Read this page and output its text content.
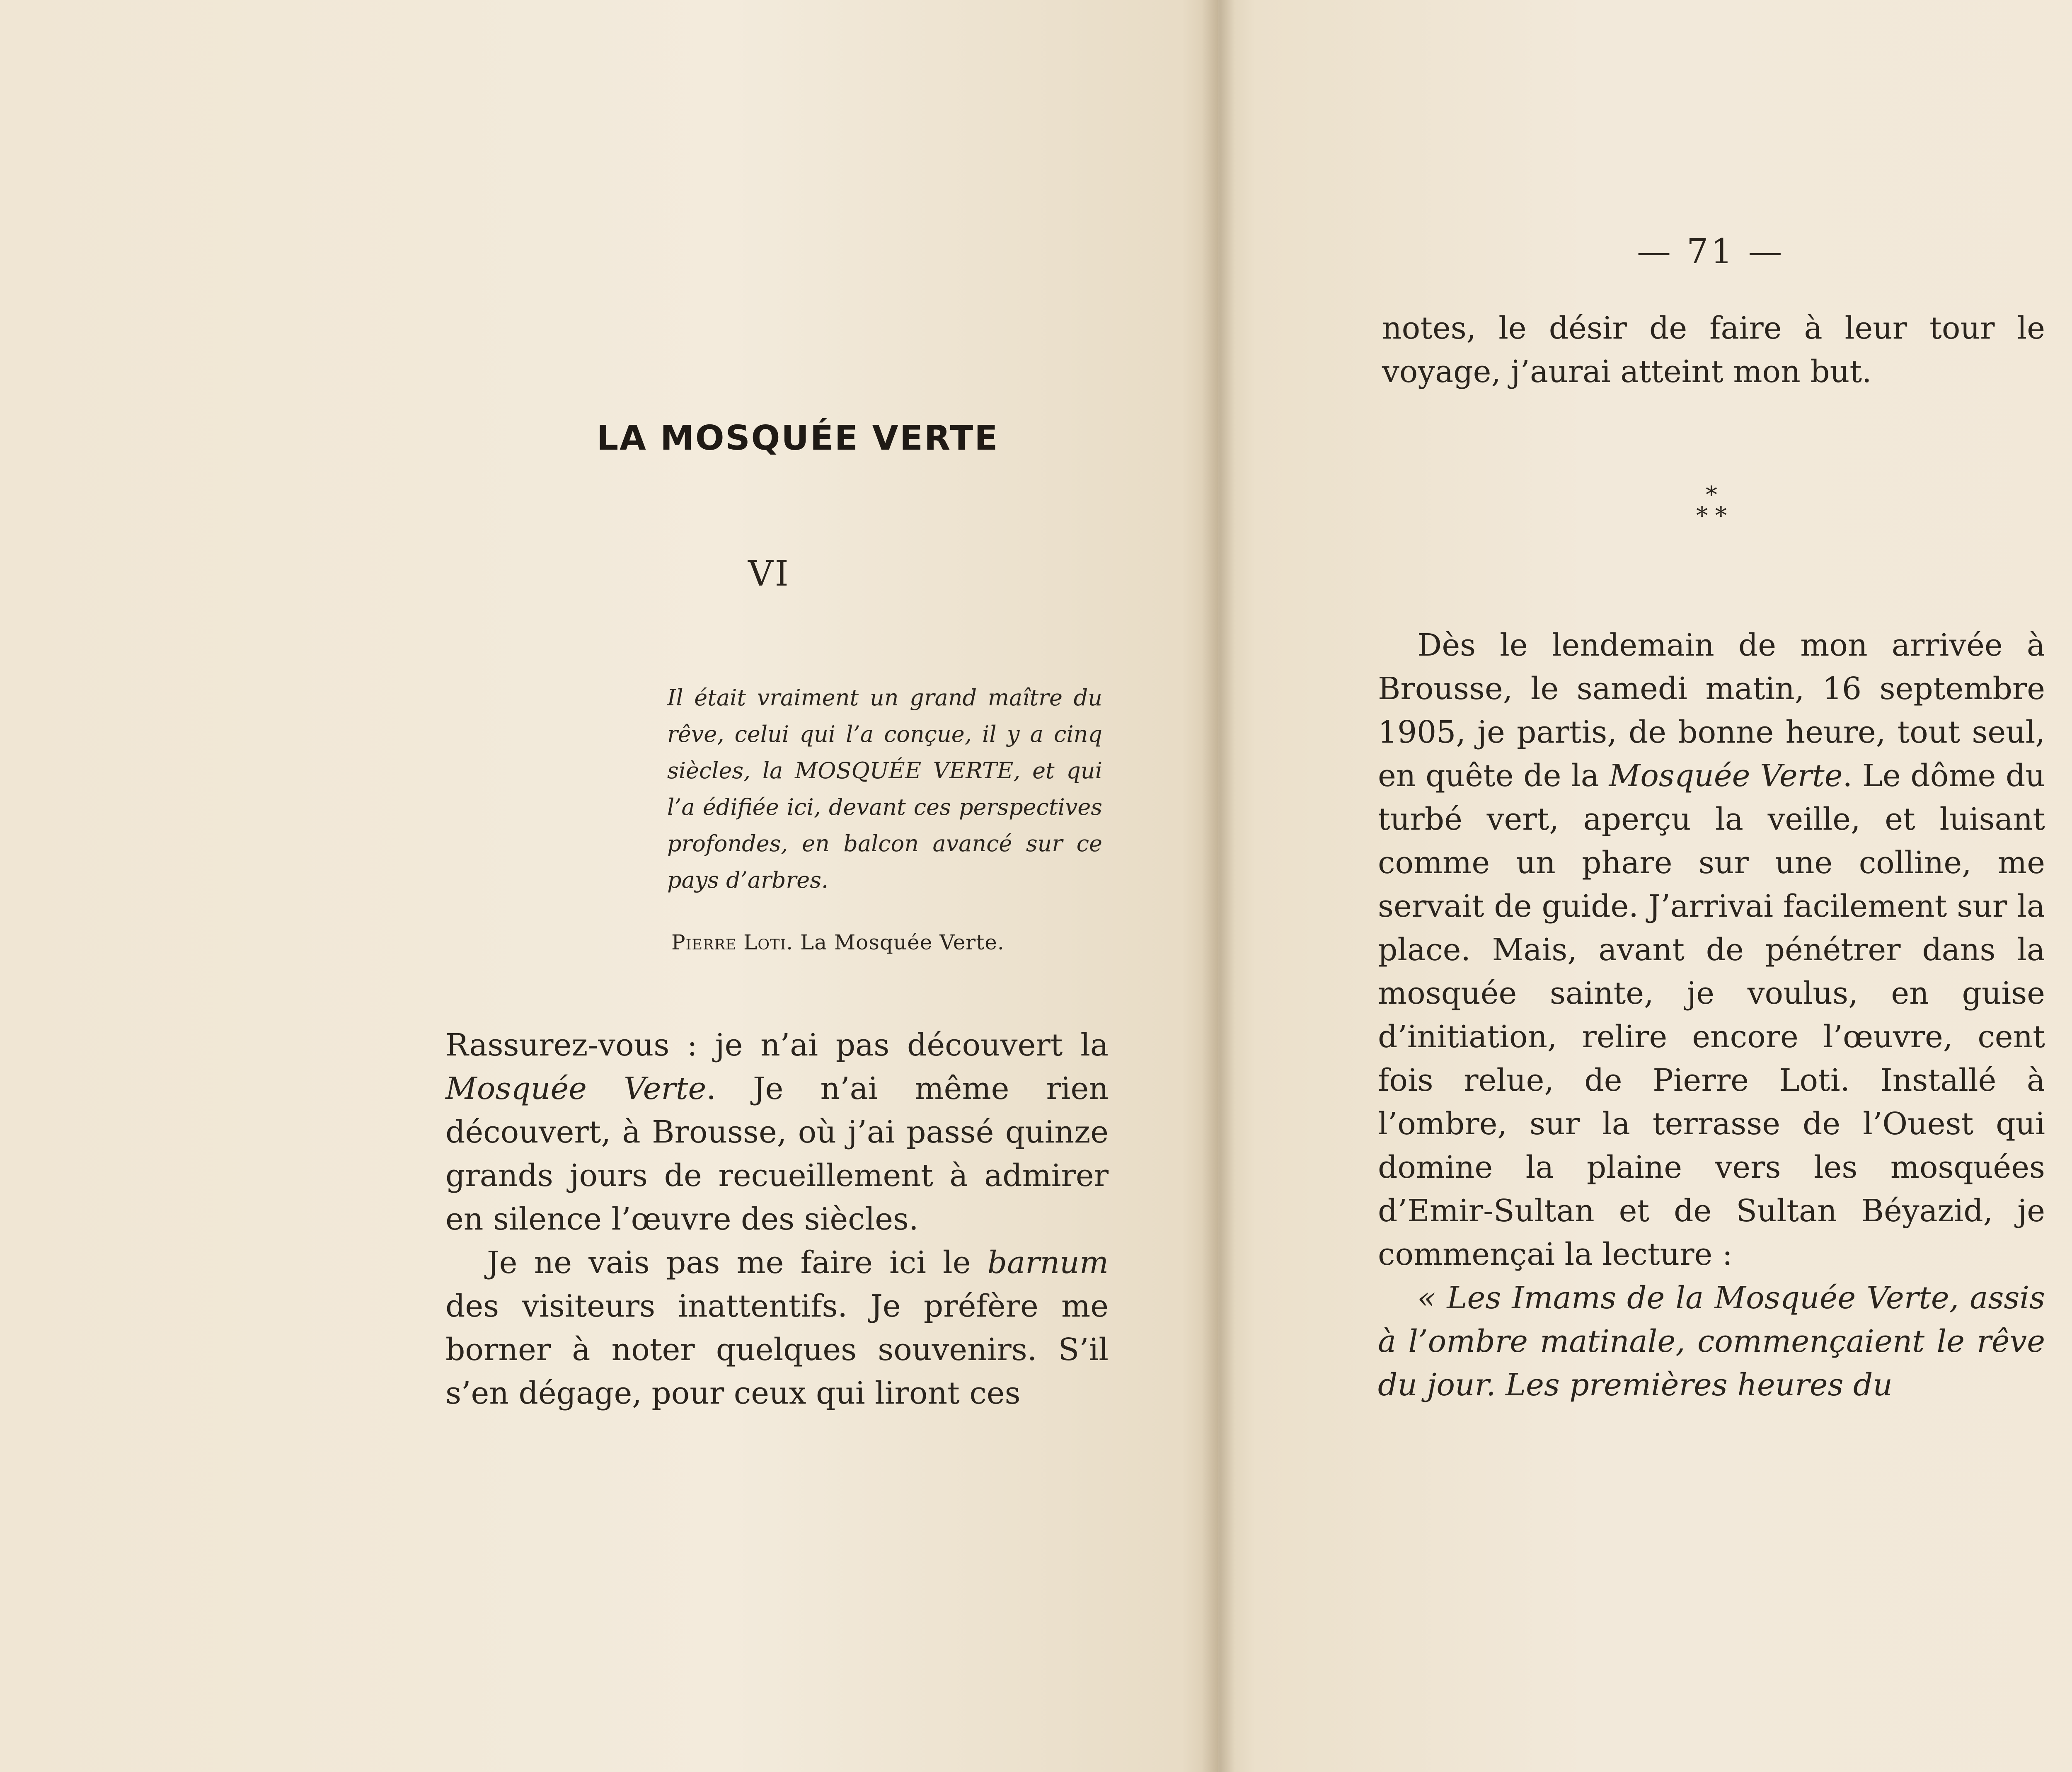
LA MOSQUÉE VERTE
VI

Il était vraiment un grand maître du rêve, celui qui l’a conçue, il y a cinq siècles, la MOSQUÉE VERTE, et qui l’a édifiée ici, devant ces perspectives profondes, en balcon avancé sur ce pays d’arbres.

Pierre Loti. La Mosquée Verte.

Rassurez-vous : je n’ai pas découvert la Mosquée Verte. Je n’ai même rien découvert, à Brousse, où j’ai passé quinze grands jours de recueillement à admirer en silence l’œuvre des siècles.

Je ne vais pas me faire ici le barnum des visiteurs inattentifs. Je préfère me borner à noter quelques souvenirs. S’il s’en dégage, pour ceux qui liront ces

— 71 —

notes, le désir de faire à leur tour le voyage, j’aurai atteint mon but.

*
* *

Dès le lendemain de mon arrivée à Brousse, le samedi matin, 16 septembre 1905, je partis, de bonne heure, tout seul, en quête de la Mosquée Verte. Le dôme du turbé vert, aperçu la veille, et luisant comme un phare sur une colline, me servait de guide. J’arrivai facilement sur la place. Mais, avant de pénétrer dans la mosquée sainte, je voulus, en guise d’initiation, relire encore l’œuvre, cent fois relue, de Pierre Loti. Installé à l’ombre, sur la terrasse de l’Ouest qui domine la plaine vers les mosquées d’Emir-Sultan et de Sultan Béyazid, je commençai la lecture :

« Les Imams de la Mosquée Verte, assis à l’ombre matinale, commençaient le rêve du jour. Les premières heures du
